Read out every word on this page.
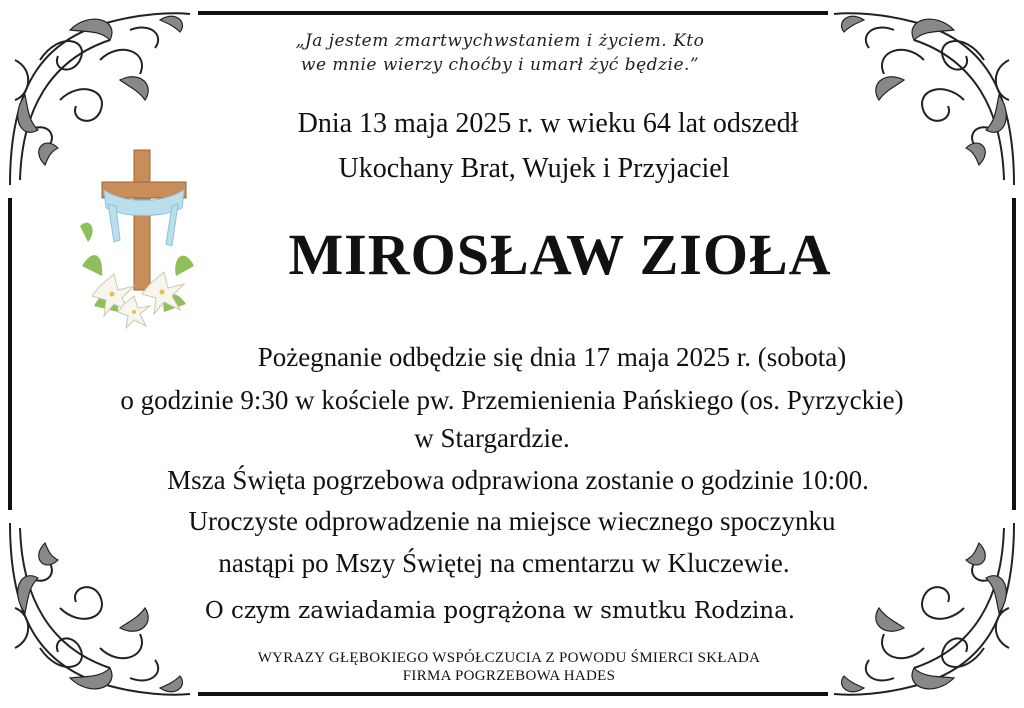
„Ja jestem zmartwychwstaniem i życiem. Kto
we mnie wierzy choćby i umarł żyć będzie.”
Dnia 13 maja 2025 r. w wieku 64 lat odszedł
Ukochany Brat, Wujek i Przyjaciel
MIROSŁAW ZIOŁA
Pożegnanie odbędzie się dnia 17 maja 2025 r. (sobota)
o godzinie 9:30 w kościele pw. Przemienienia Pańskiego (os. Pyrzyckie)
w Stargardzie.
Msza Święta pogrzebowa odprawiona zostanie o godzinie 10:00.
Uroczyste odprowadzenie na miejsce wiecznego spoczynku
nastąpi po Mszy Świętej na cmentarzu w Kluczewie.
O czym zawiadamia pogrążona w smutku Rodzina.
WYRAZY GŁĘBOKIEGO WSPÓŁCZUCIA Z POWODU ŚMIERCI SKŁADA
FIRMA POGRZEBOWA HADES
